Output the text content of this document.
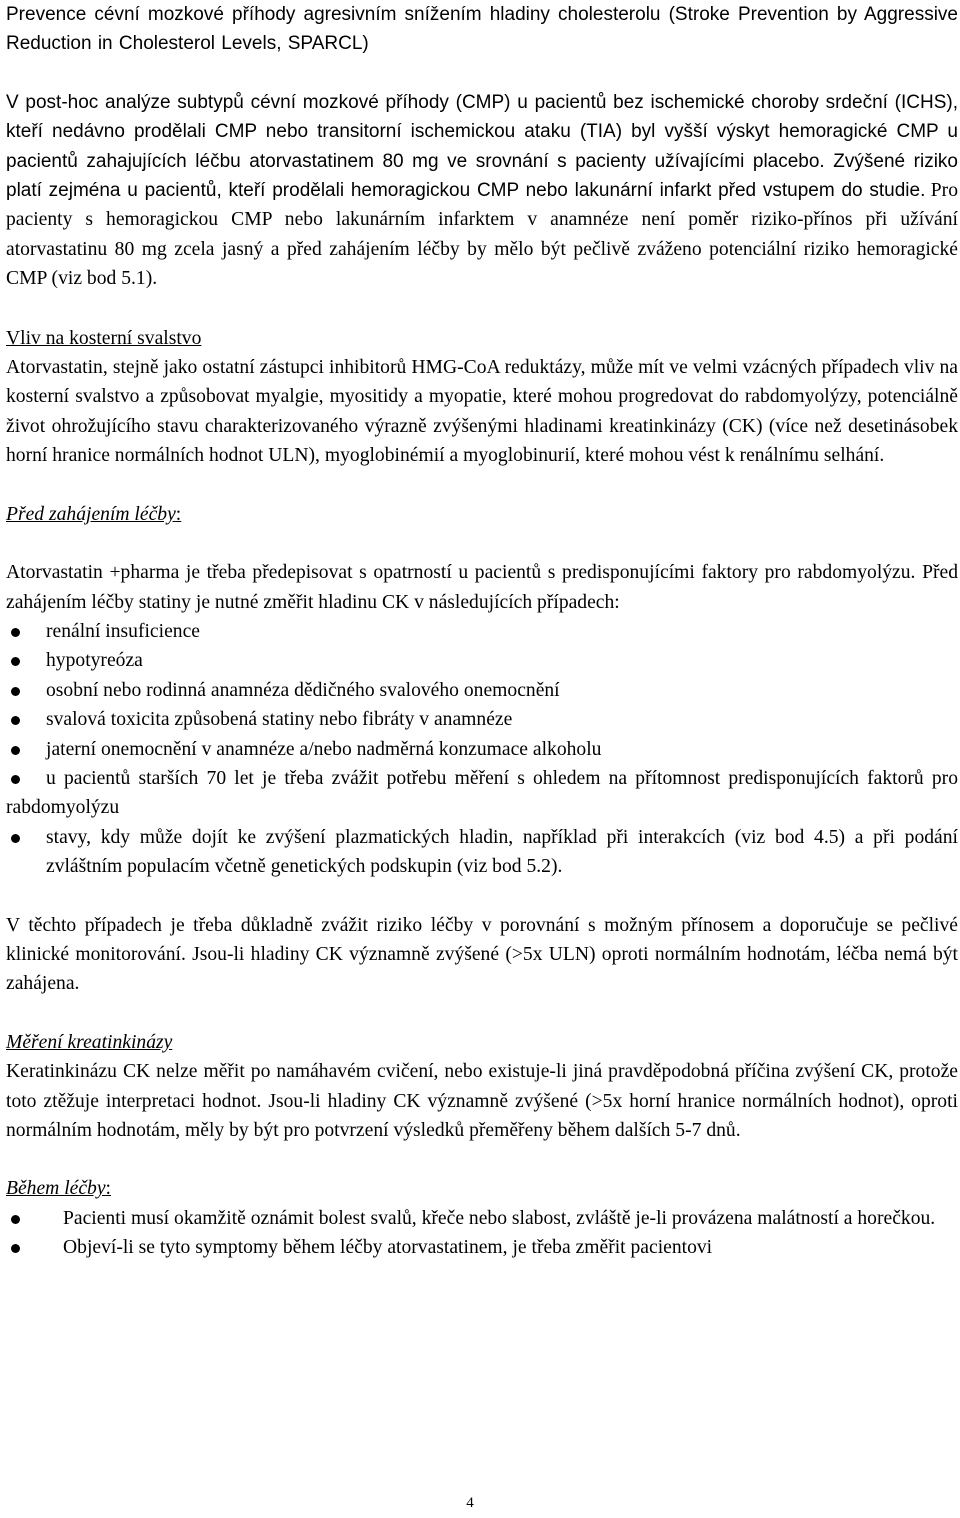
Prevence cévní mozkové příhody agresivním snížením hladiny cholesterolu (Stroke Prevention by Aggressive Reduction in Cholesterol Levels, SPARCL)

V post-hoc analýze subtypů cévní mozkové příhody (CMP) u pacientů bez ischemické choroby srdeční (ICHS), kteří nedávno prodělali CMP nebo transitorní ischemickou ataku (TIA) byl vyšší výskyt hemoragické CMP u pacientů zahajujících léčbu atorvastatinem 80 mg ve srovnání s pacienty užívajícími placebo. Zvýšené riziko platí zejména u pacientů, kteří prodělali hemoragickou CMP nebo lakunární infarkt před vstupem do studie. Pro pacienty s hemoragickou CMP nebo lakunárním infarktem v anamnéze není poměr riziko-přínos při užívání atorvastatinu 80 mg zcela jasný a před zahájením léčby by mělo být pečlivě zváženo potenciální riziko hemoragické CMP (viz bod 5.1).

Vliv na kosterní svalstvo

Atorvastatin, stejně jako ostatní zástupci inhibitorů HMG-CoA reduktázy, může mít ve velmi vzácných případech vliv na kosterní svalstvo a způsobovat myalgie, myositidy a myopatie, které mohou progredovat do rabdomyolýzy, potenciálně život ohrožujícího stavu charakterizovaného výrazně zvýšenými hladinami kreatinkinázy (CK) (více než desetinásobek horní hranice normálních hodnot ULN), myoglobinémií a myoglobinurií, které mohou vést k renálnímu selhání.

Před zahájením léčby:

Atorvastatin +pharma je třeba předepisovat s opatrností u pacientů s predisponujícími faktory pro rabdomyolýzu. Před zahájením léčby statiny je nutné změřit hladinu CK v následujících případech:

renální insuficience
hypotyreóza
osobní nebo rodinná anamnéza dědičného svalového onemocnění
svalová toxicita způsobená statiny nebo fibráty v anamnéze
jaterní onemocnění v anamnéze a/nebo nadměrná konzumace alkoholu
u pacientů starších 70 let je třeba zvážit potřebu měření s ohledem na přítomnost predisponujících faktorů pro rabdomyolýzu
stavy, kdy může dojít ke zvýšení plazmatických hladin, například při interakcích (viz bod 4.5) a při podání zvláštním populacím včetně genetických podskupin (viz bod 5.2).

V těchto případech je třeba důkladně zvážit riziko léčby v porovnání s možným přínosem a doporučuje se pečlivé klinické monitorování. Jsou-li hladiny CK významně zvýšené (>5x ULN) oproti normálním hodnotám, léčba nemá být zahájena.

Měření kreatinkinázy

Keratinkinázu CK nelze měřit po namáhavém cvičení, nebo existuje-li jiná pravděpodobná příčina zvýšení CK, protože toto ztěžuje interpretaci hodnot. Jsou-li hladiny CK významně zvýšené (>5x horní hranice normálních hodnot), oproti normálním hodnotám, měly by být pro potvrzení výsledků přeměřeny během dalších 5-7 dnů.

Během léčby:

Pacienti musí okamžitě oznámit bolest svalů, křeče nebo slabost, zvláště je-li provázena malátností a horečkou.
Objeví-li se tyto symptomy během léčby atorvastatinem, je třeba změřit pacientovi
4
